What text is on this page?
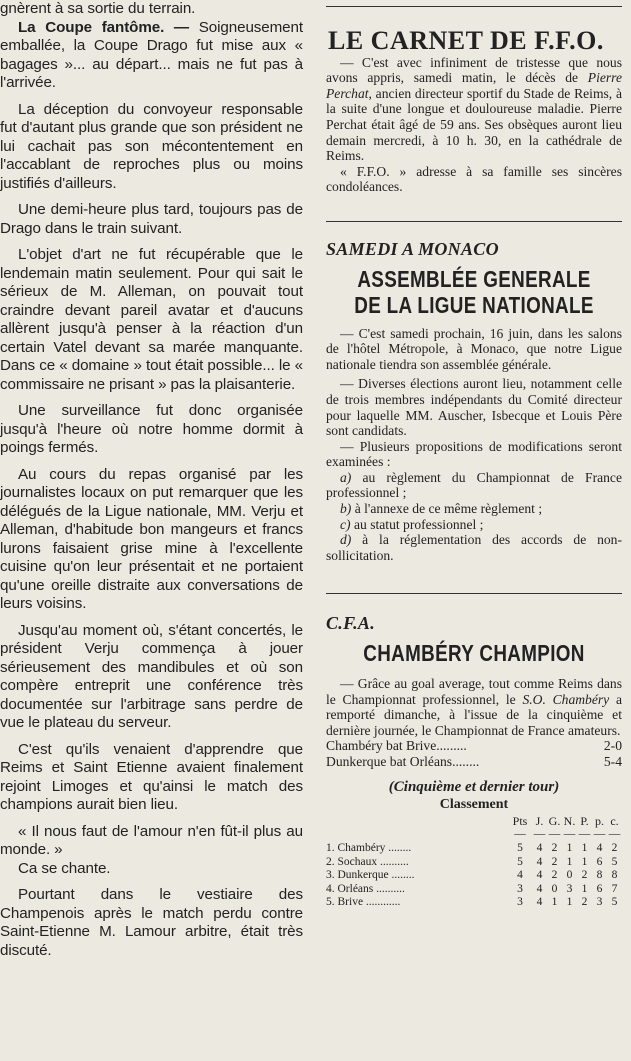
gnèrent à sa sortie du terrain.

La Coupe fantôme. — Soigneusement emballée, la Coupe Drago fut mise aux « bagages »... au départ... mais ne fut pas à l'arrivée.

La déception du convoyeur responsable fut d'autant plus grande que son président ne lui cachait pas son mécontentement en l'accablant de reproches plus ou moins justifiés d'ailleurs.

Une demi-heure plus tard, toujours pas de Drago dans le train suivant.

L'objet d'art ne fut récupérable que le lendemain matin seulement. Pour qui sait le sérieux de M. Alleman, on pouvait tout craindre devant pareil avatar et d'aucuns allèrent jusqu'à penser à la réaction d'un certain Vatel devant sa marée manquante. Dans ce « domaine » tout était possible... le « commissaire ne prisant » pas la plaisanterie.

Une surveillance fut donc organisée jusqu'à l'heure où notre homme dormit à poings fermés.

Au cours du repas organisé par les journalistes locaux on put remarquer que les délégués de la Ligue nationale, MM. Verju et Alleman, d'habitude bon mangeurs et francs lurons faisaient grise mine à l'excellente cuisine qu'on leur présentait et ne portaient qu'une oreille distraite aux conversations de leurs voisins.

Jusqu'au moment où, s'étant concertés, le président Verju commença à jouer sérieusement des mandibules et où son compère entreprit une conférence très documentée sur l'arbitrage sans perdre de vue le plateau du serveur.

C'est qu'ils venaient d'apprendre que Reims et Saint Etienne avaient finalement rejoint Limoges et qu'ainsi le match des champions aurait bien lieu.

« Il nous faut de l'amour n'en fût-il plus au monde. »

Ca se chante.

Pourtant dans le vestiaire des Champenois après le match perdu contre Saint-Etienne M. Lamour arbitre, était très discuté.

LE CARNET DE F.F.O.

— C'est avec infiniment de tristesse que nous avons appris, samedi matin, le décès de Pierre Perchat, ancien directeur sportif du Stade de Reims, à la suite d'une longue et douloureuse maladie. Pierre Perchat était âgé de 59 ans. Ses obsèques auront lieu demain mercredi, à 10 h. 30, en la cathédrale de Reims.

« F.F.O. » adresse à sa famille ses sincères condoléances.

SAMEDI A MONACO
ASSEMBLÉE GENERALE
DE LA LIGUE NATIONALE

— C'est samedi prochain, 16 juin, dans les salons de l'hôtel Métropole, à Monaco, que notre Ligue nationale tiendra son assemblée générale.

— Diverses élections auront lieu, notamment celle de trois membres indépendants du Comité directeur pour laquelle MM. Auscher, Isbecque et Louis Père sont candidats.

— Plusieurs propositions de modifications seront examinées :

a) au règlement du Championnat de France professionnel ;

b) à l'annexe de ce même règlement ;

c) au statut professionnel ;

d) à la réglementation des accords de non-sollicitation.

C.F.A.
CHAMBÉRY CHAMPION

— Grâce au goal average, tout comme Reims dans le Championnat professionnel, le S.O. Chambéry a remporté dimanche, à l'issue de la cinquième et dernière journée, le Championnat de France amateurs.

Chambéry bat Brive.........	2-0
Dunkerque bat Orléans........	5-4
(Cinquième et dernier tour)
Classement
	Pts	J.	G.	N.	P.	p.	c.
	—	—	—	—	—	—	—
1. Chambéry ........	5	4	2	1	1	4	2
2. Sochaux ..........	5	4	2	1	1	6	5
3. Dunkerque ........	4	4	2	0	2	8	8
4. Orléans ..........	3	4	0	3	1	6	7
5. Brive ............	3	4	1	1	2	3	5
